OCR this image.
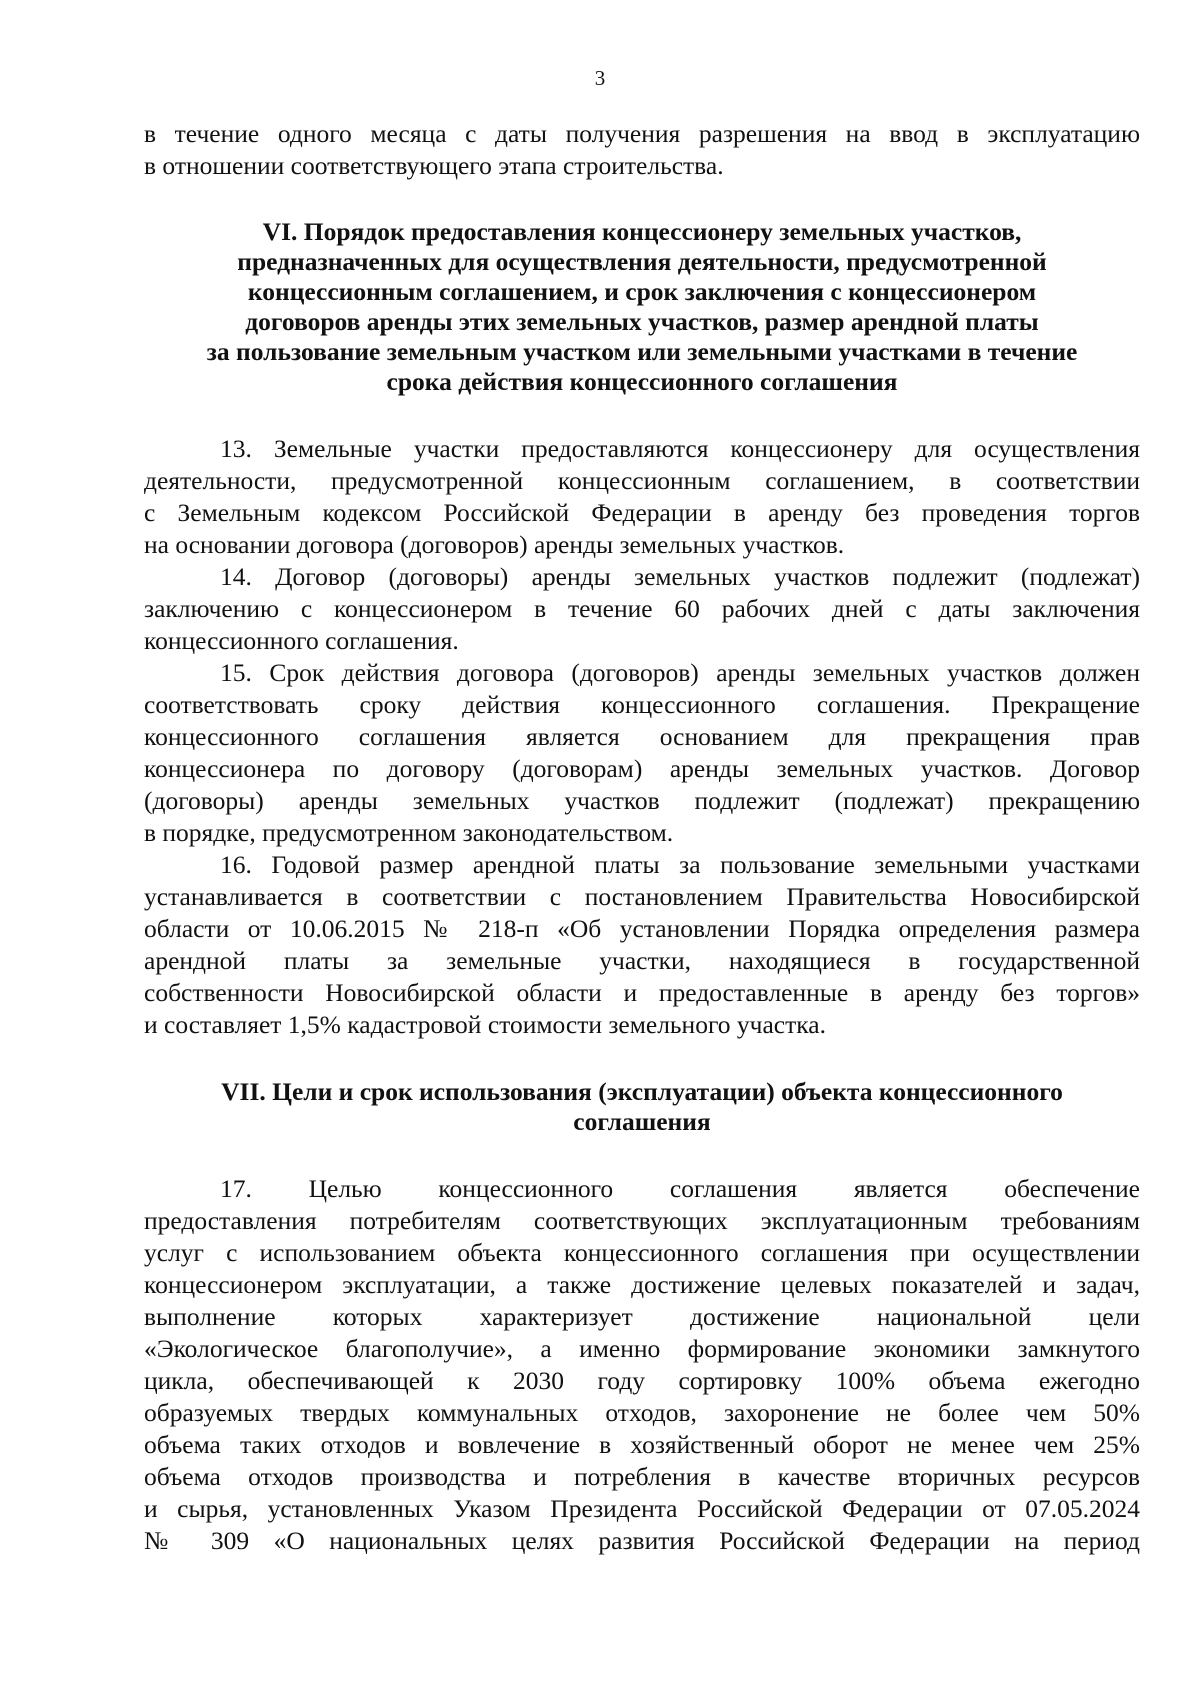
3

в течение одного месяца с даты получения разрешения на ввод в эксплуатацию
в отношении соответствующего этапа строительства.

VI. Порядок предоставления концессионеру земельных участков,
предназначенных для осуществления деятельности, предусмотренной
концессионным соглашением, и срок заключения с концессионером
договоров аренды этих земельных участков, размер арендной платы
за пользование земельным участком или земельными участками в течение
срока действия концессионного соглашения

13. Земельные участки предоставляются концессионеру для осуществления
деятельности, предусмотренной концессионным соглашением, в соответствии
с Земельным кодексом Российской Федерации в аренду без проведения торгов
на основании договора (договоров) аренды земельных участков.

14. Договор (договоры) аренды земельных участков подлежит (подлежат)
заключению с концессионером в течение 60 рабочих дней с даты заключения
концессионного соглашения.

15. Срок действия договора (договоров) аренды земельных участков должен
соответствовать сроку действия концессионного соглашения. Прекращение
концессионного соглашения является основанием для прекращения прав
концессионера по договору (договорам) аренды земельных участков. Договор
(договоры) аренды земельных участков подлежит (подлежат) прекращению
в порядке, предусмотренном законодательством.

16. Годовой размер арендной платы за пользование земельными участками
устанавливается в соответствии с постановлением Правительства Новосибирской
области от 10.06.2015 № 218-п «Об установлении Порядка определения размера
арендной платы за земельные участки, находящиеся в государственной
собственности Новосибирской области и предоставленные в аренду без торгов»
и составляет 1,5% кадастровой стоимости земельного участка.

VII. Цели и срок использования (эксплуатации) объекта концессионного
соглашения

17. Целью концессионного соглашения является обеспечение
предоставления потребителям соответствующих эксплуатационным требованиям
услуг с использованием объекта концессионного соглашения при осуществлении
концессионером эксплуатации, а также достижение целевых показателей и задач,
выполнение которых характеризует достижение национальной цели
«Экологическое благополучие», а именно формирование экономики замкнутого
цикла, обеспечивающей к 2030 году сортировку 100% объема ежегодно
образуемых твердых коммунальных отходов, захоронение не более чем 50%
объема таких отходов и вовлечение в хозяйственный оборот не менее чем 25%
объема отходов производства и потребления в качестве вторичных ресурсов
и сырья, установленных Указом Президента Российской Федерации от 07.05.2024
№ 309 «О национальных целях развития Российской Федерации на период
